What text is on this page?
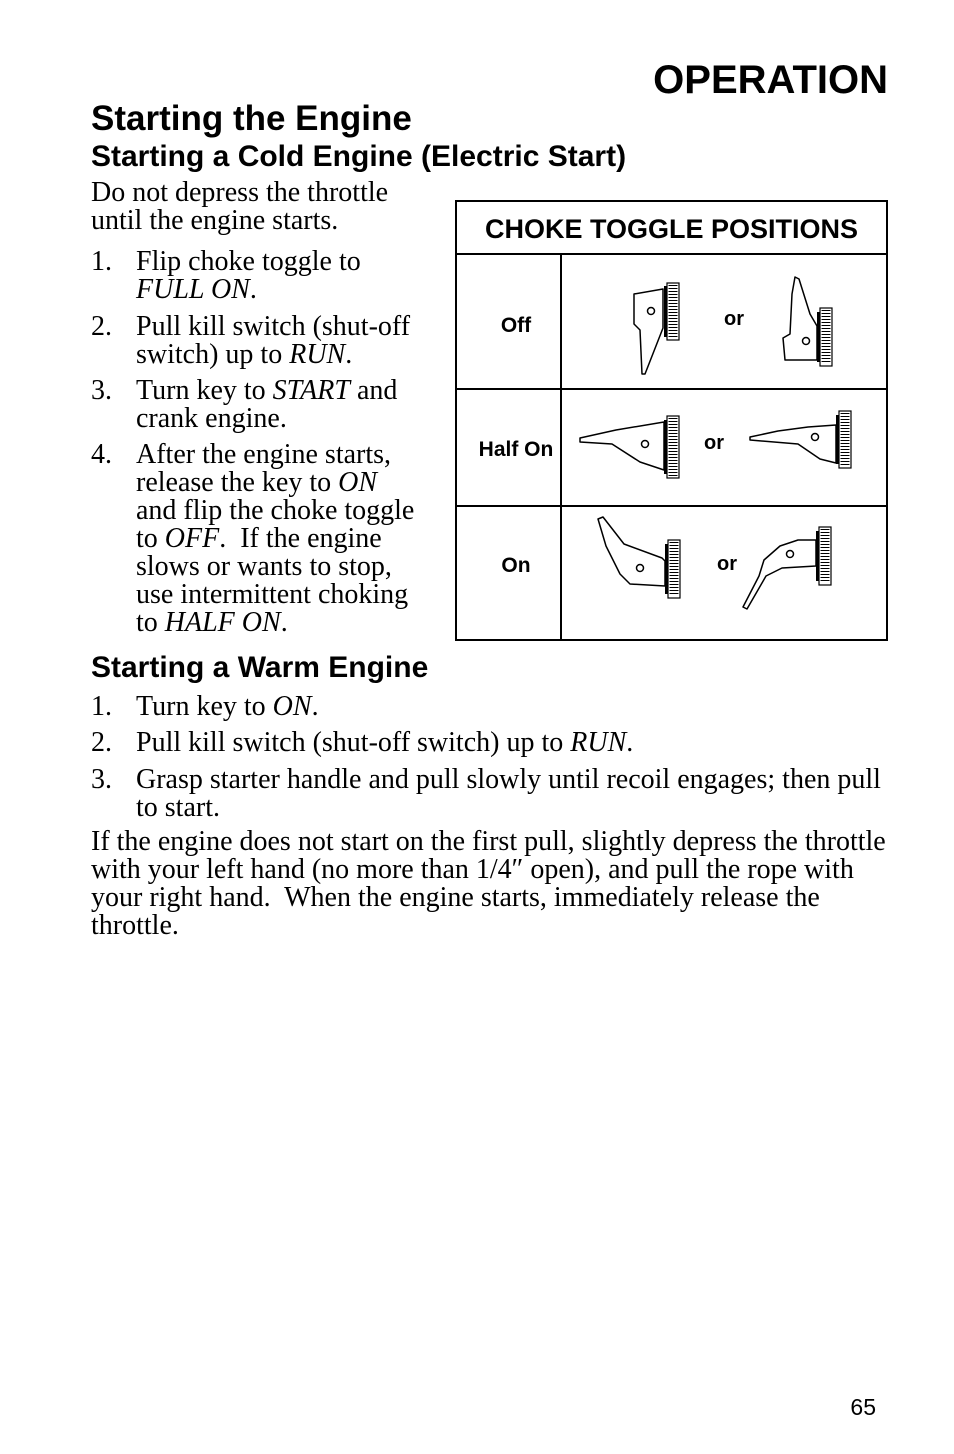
OPERATION
Starting the Engine
Starting a Cold Engine (Electric Start)
Do not depress the throttle
until the engine starts.
1. Flip choke toggle to
FULL ON.
2. Pull kill switch (shut-off
switch) up to RUN.
3. Turn key to START and
crank engine.
4. After the engine starts,
release the key to ON
and flip the choke toggle
to OFF.  If the engine
slows or wants to stop,
use intermittent choking
to HALF ON.
CHOKE TOGGLE POSITIONS
Off
Half On
On
or
or
or
Starting a Warm Engine
1. Turn key to ON.
2. Pull kill switch (shut-off switch) up to RUN.
3. Grasp starter handle and pull slowly until recoil engages; then pull
to start.
If the engine does not start on the first pull, slightly depress the throttle
with your left hand (no more than 1/4″ open), and pull the rope with
your right hand.  When the engine starts, immediately release the
throttle.
65
